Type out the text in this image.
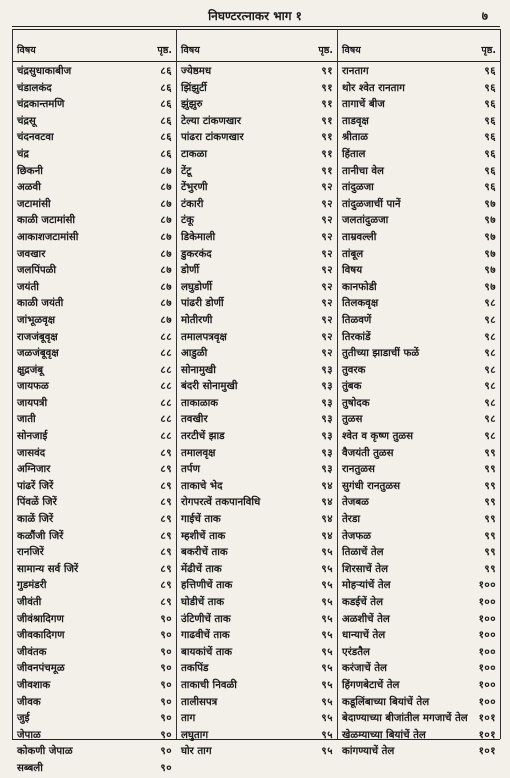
निघण्टरत्नाकर भाग १	७
विषय	पृष्ठ.
चंद्रसुधाकाबीज	८६
चंडालकंद	८६
चंद्रकान्तमणि	८६
चंद्रसू	८६
चंदनवटवा	८६
चंद्र	८६
छिकनी	८७
अळवी	८७
जटामांसी	८७
काळी जटामांसी	८७
आकाशजटामांसी	८७
जवखार	८७
जलपिंपळी	८७
जयंती	८७
काळी जयंती	८७
जांभूळवृक्ष	८७
राजजंबूवृक्ष	८८
जळजंबूवृक्ष	८८
क्षुद्रजंबू	८८
जायफळ	८८
जायपत्री	८८
जाती	८८
सोनजाई	८८
जासवंद	८९
अग्निजार	८९
पांढरें जिरें	८९
पिंवळें जिरें	८९
काळें जिरें	८९
कळौंजी जिरें	८९
रानजिरें	८९
सामान्य सर्व जिरें	८९
गुडमंडरी	८९
जीवंती	८९
जीवंश्रादिगण	९०
जीवकादिगण	९०
जीवंतक	९०
जीवनपंचमूळ	९०
जीवशाक	९०
जीवक	९०
जुई	९०
जेपाळ	९०
कोकणी जेपाळ	९०
सब्बली	९०
विषय	पृष्ठ.
ज्येष्ठमध	९१
झिंझुर्टी	९१
झुंझुरु	९१
टेल्या टांकणखार	९१
पांढरा टांकणखार	९१
टाकळा	९१
टेंटू	९१
टेंभुरणी	९२
टंकारी	९२
टंकू	९२
डिकेमाली	९२
डुकरकंद	९२
डोर्णी	९२
लघुडोर्णी	९२
पांढरी डोर्णी	९२
मोतीरणी	९२
तमालपत्रवृक्ष	९२
आडुळी	९२
सोनामुखी	९३
बंदरी सोनामुखी	९३
ताकाळाक	९३
तवखीर	९३
तरटीचें झाड	९३
तमालवृक्ष	९३
तर्पण	९३
ताकाचे भेद	९४
रोगपरत्वें तकपानविधि	९४
गाईचें ताक	९४
म्हशीचें ताक	९४
बकरीचें ताक	९५
मेंढीचें ताक	९५
हत्तिणीचें ताक	९५
घोडीचें ताक	९५
उंटिणीचें ताक	९५
गाढवीचें ताक	९५
बायकांचें ताक	९५
तकपिंड	९५
ताकाची निवळी	९५
तालीसपत्र	९५
ताग	९५
लघुताग	९५
घोर ताग	९५
विषय	पृष्ठ.
रानताग	९६
थोर श्वेत रानताग	९६
तागाचें बीज	९६
ताडवृक्ष	९६
श्रीताळ	९६
हिंताल	९६
तानीचा वेल	९६
तांदुळजा	९६
तांदुळजाचीं पानें	९७
जलतांदुळजा	९७
ताम्रवल्ली	९७
तांबूल	९७
विषय	९७
कानफोडी	९७
तिलकवृक्ष	९८
तिळवणें	९८
तिरकांडें	९८
तुतीच्या झाडाचीं फळें	९८
तुवरक	९८
तुंबक	९८
तुषोदक	९८
तुळस	९८
श्वेत व कृष्ण तुळस	९८
वैजयंती तुळस	९९
रानतुळस	९९
सुगंधी रानतुळस	९९
तेजबळ	९९
तेरडा	९९
तेजफळ	९९
तिळाचें तेल	९९
शिरसाचें तेल	९९
मोहऱ्यांचें तेल	१००
कडईचें तेल	१००
अळशीचें तेल	१००
धान्याचें तेल	१००
एरंडतैल	१००
करंजाचें तेल	१००
हिंगणबेटाचें तेल	१००
कडूलिंबाच्या बियांचें तेल	१००
बेदाण्याच्या बीजांतील मगजाचें तेल १०१
खेळम्याच्या बियांचें तेल	१०१
कांगण्याचें तेल	१०१
